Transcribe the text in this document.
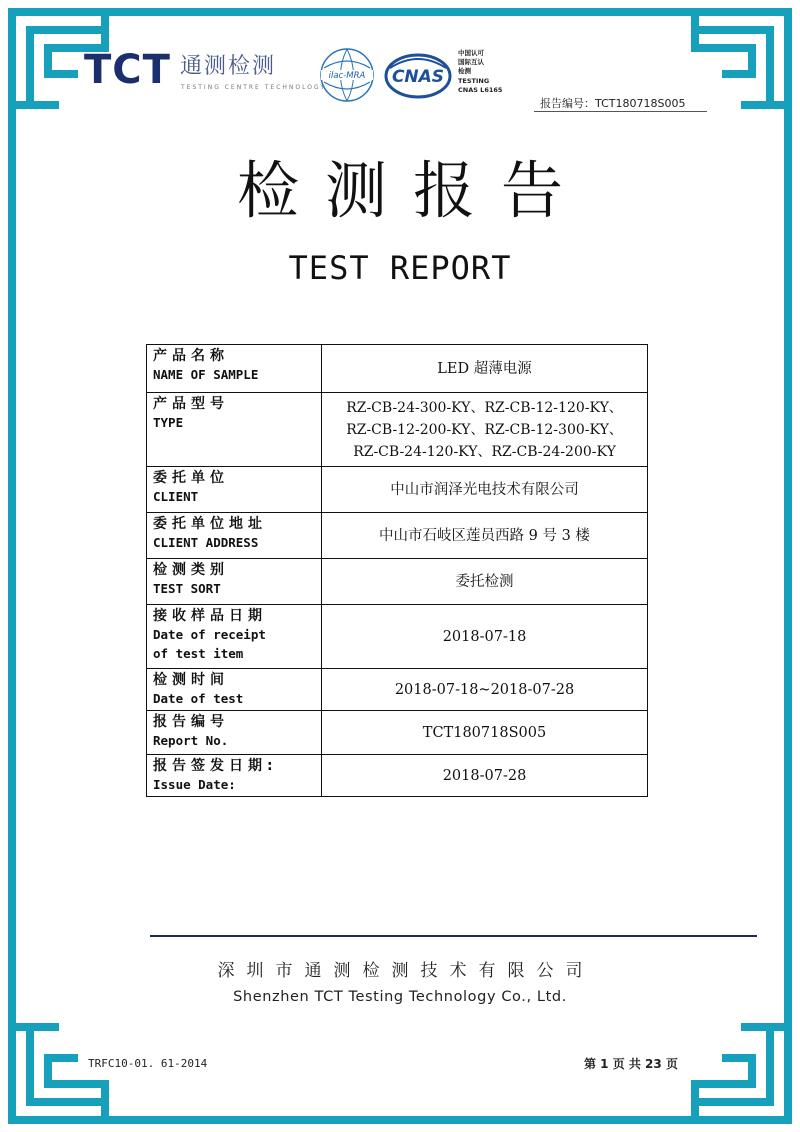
TCT 通测检测
TESTING CENTRE TECHNOLOGY
ilac-MRA CNAS
中国认可
国际互认
检测
TESTING
CNAS L6165
报告编号：TCT180718S005
检测报告
TEST REPORT
产品名称
NAME OF SAMPLE	LED 超薄电源

产品型号
TYPE	RZ-CB-24-300-KY、RZ-CB-12-120-KY、
RZ-CB-12-200-KY、RZ-CB-12-300-KY、
RZ-CB-24-120-KY、RZ-CB-24-200-KY

委托单位
CLIENT	中山市润泽光电技术有限公司

委托单位地址
CLIENT ADDRESS	中山市石岐区莲员西路 9 号 3 楼

检测类别
TEST SORT	委托检测

接收样品日期
Date of receipt
of test item	2018-07-18

检测时间
Date of test	2018-07-18~2018-07-28

报告编号
Report No.	TCT180718S005

报告签发日期:
Issue Date:	2018-07-28
深圳市通测检测技术有限公司
Shenzhen TCT Testing Technology Co., Ltd.
TRFC10-01. 61-2014	第 1 页 共 23 页
